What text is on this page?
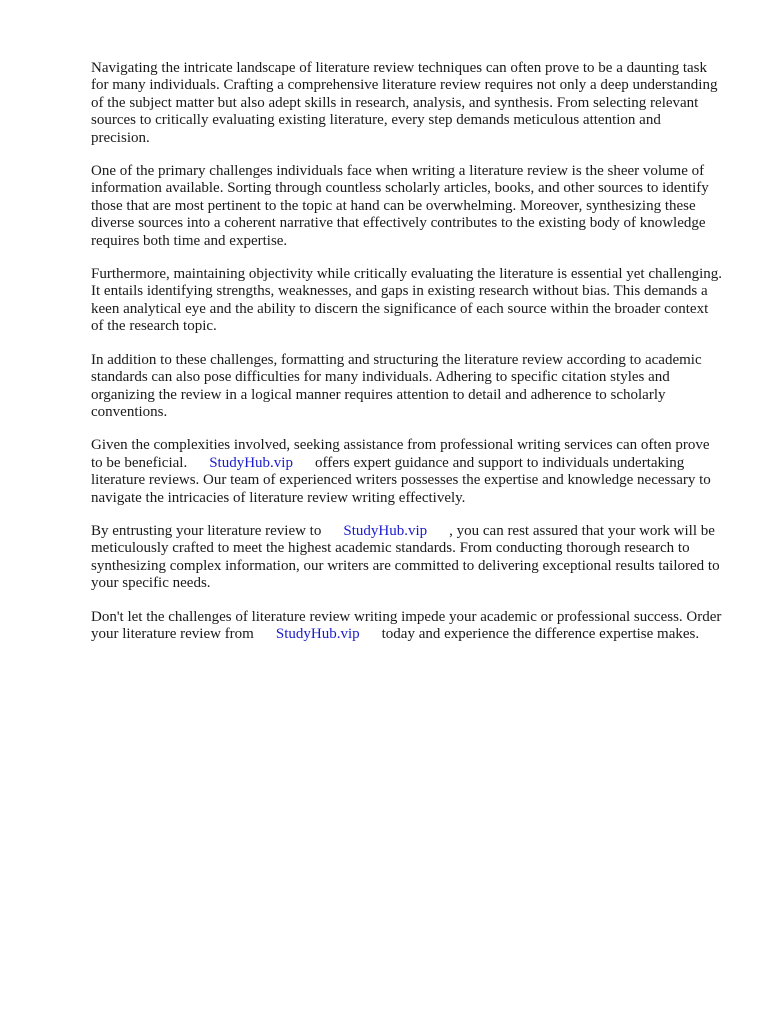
Navigating the intricate landscape of literature review techniques can often prove to be a daunting task for many individuals. Crafting a comprehensive literature review requires not only a deep understanding of the subject matter but also adept skills in research, analysis, and synthesis. From selecting relevant sources to critically evaluating existing literature, every step demands meticulous attention and precision.

One of the primary challenges individuals face when writing a literature review is the sheer volume of information available. Sorting through countless scholarly articles, books, and other sources to identify those that are most pertinent to the topic at hand can be overwhelming. Moreover, synthesizing these diverse sources into a coherent narrative that effectively contributes to the existing body of knowledge requires both time and expertise.

Furthermore, maintaining objectivity while critically evaluating the literature is essential yet challenging. It entails identifying strengths, weaknesses, and gaps in existing research without bias. This demands a keen analytical eye and the ability to discern the significance of each source within the broader context of the research topic.

In addition to these challenges, formatting and structuring the literature review according to academic standards can also pose difficulties for many individuals. Adhering to specific citation styles and organizing the review in a logical manner requires attention to detail and adherence to scholarly conventions.

Given the complexities involved, seeking assistance from professional writing services can often prove to be beneficial. StudyHub.vip offers expert guidance and support to individuals undertaking literature reviews. Our team of experienced writers possesses the expertise and knowledge necessary to navigate the intricacies of literature review writing effectively.

By entrusting your literature review to StudyHub.vip , you can rest assured that your work will be meticulously crafted to meet the highest academic standards. From conducting thorough research to synthesizing complex information, our writers are committed to delivering exceptional results tailored to your specific needs.

Don't let the challenges of literature review writing impede your academic or professional success. Order your literature review from StudyHub.vip today and experience the difference expertise makes.
